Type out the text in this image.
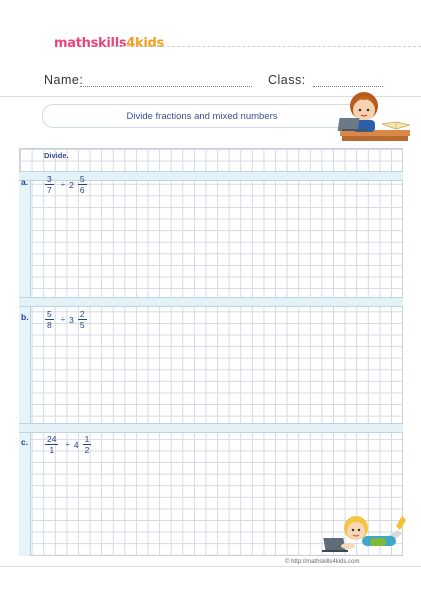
mathskills4kids
Name:	Class:
Divide fractions and mixed numbers
Divide.
a. $\frac{3}{7} \div 2 \frac{5}{6}$
b. $\frac{5}{8} \div 3 \frac{2}{5}$
c. $\frac{24}{1} \div 4 \frac{1}{2}$
© http://mathskills4kids.com
